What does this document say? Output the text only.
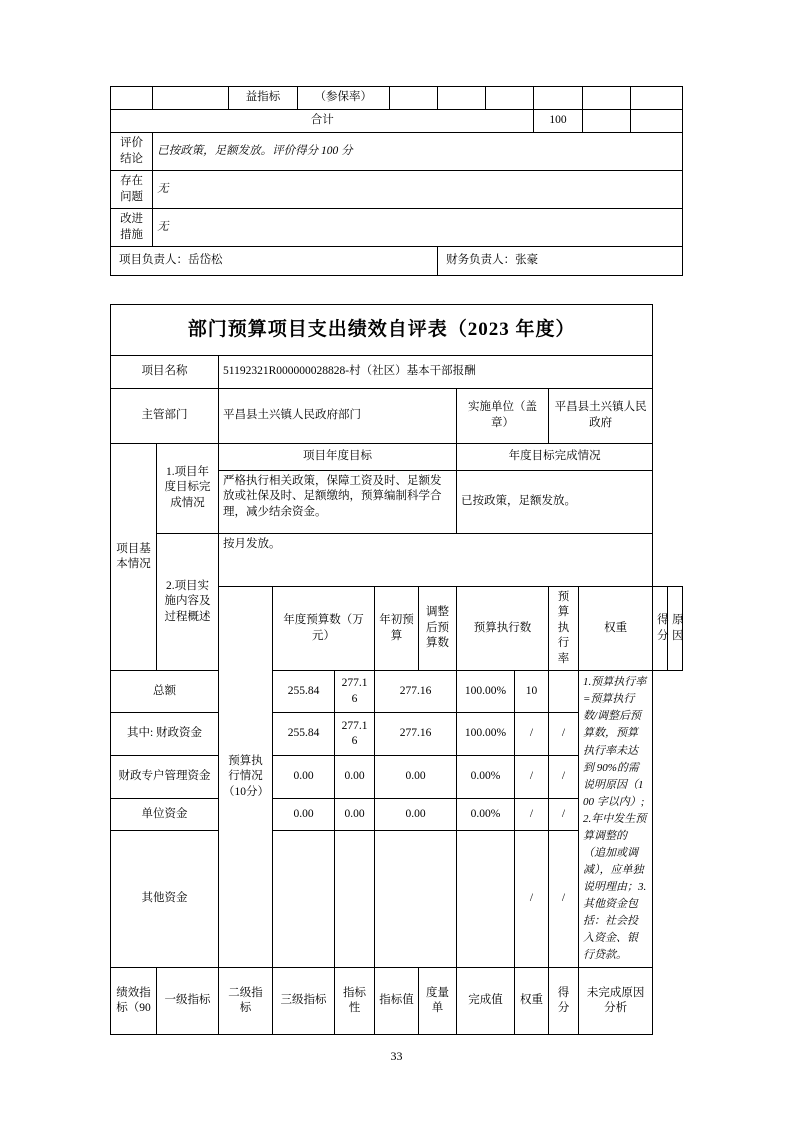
		益指标	（参保率）						
合计							100		

评价
结论	已按政策，足额发放。评价得分 100 分								

存在
问题	无								

改进
措施	无								
项目负责人：岳岱松					财务负责人：张豪				
部门预算项目支出绩效自评表（2023 年度）												
项目名称		51192321R000000028828-村（社区）基本干部报酬										
主管部门		平昌县土兴镇人民政府部门					实施单位（盖章）		平昌县土兴镇人民政府			
项目基本情况	1.项目年度目标完成情况	项目年度目标					年度目标完成情况					
		严格执行相关政策，保障工资及时、足额发放或社保及时、足额缴纳，预算编制科学合理，减少结余资金。					已按政策，足额发放。					
	2.项目实施内容及过程概述	按月发放。										
		预算执行情况（10分）	年度预算数（万元）		年初预算	调整后预算数	预算执行数		预算执行率	权重	得分	原因
总额			255.84	277.16	277.16		100.00%	10		1.预算执行率=预算执行数/调整后预算数，预算执行率未达到 90%的需说明原因（100 字以内）;2.年中发生预算调整的（追加或调减），应单独说明理由；3.其他资金包括：社会投入资金、银行贷款。		
其中: 财政资金			255.84	277.16	277.16		100.00%	/	/			
财政专户管理资金			0.00	0.00	0.00		0.00%	/	/			
单位资金			0.00	0.00	0.00		0.00%	/	/			
其他资金								/	/			
绩效指标（90	一级指标	二级指标	三级指标	指标性	指标值	度量单	完成值	权重	得分	未完成原因分析		
33
